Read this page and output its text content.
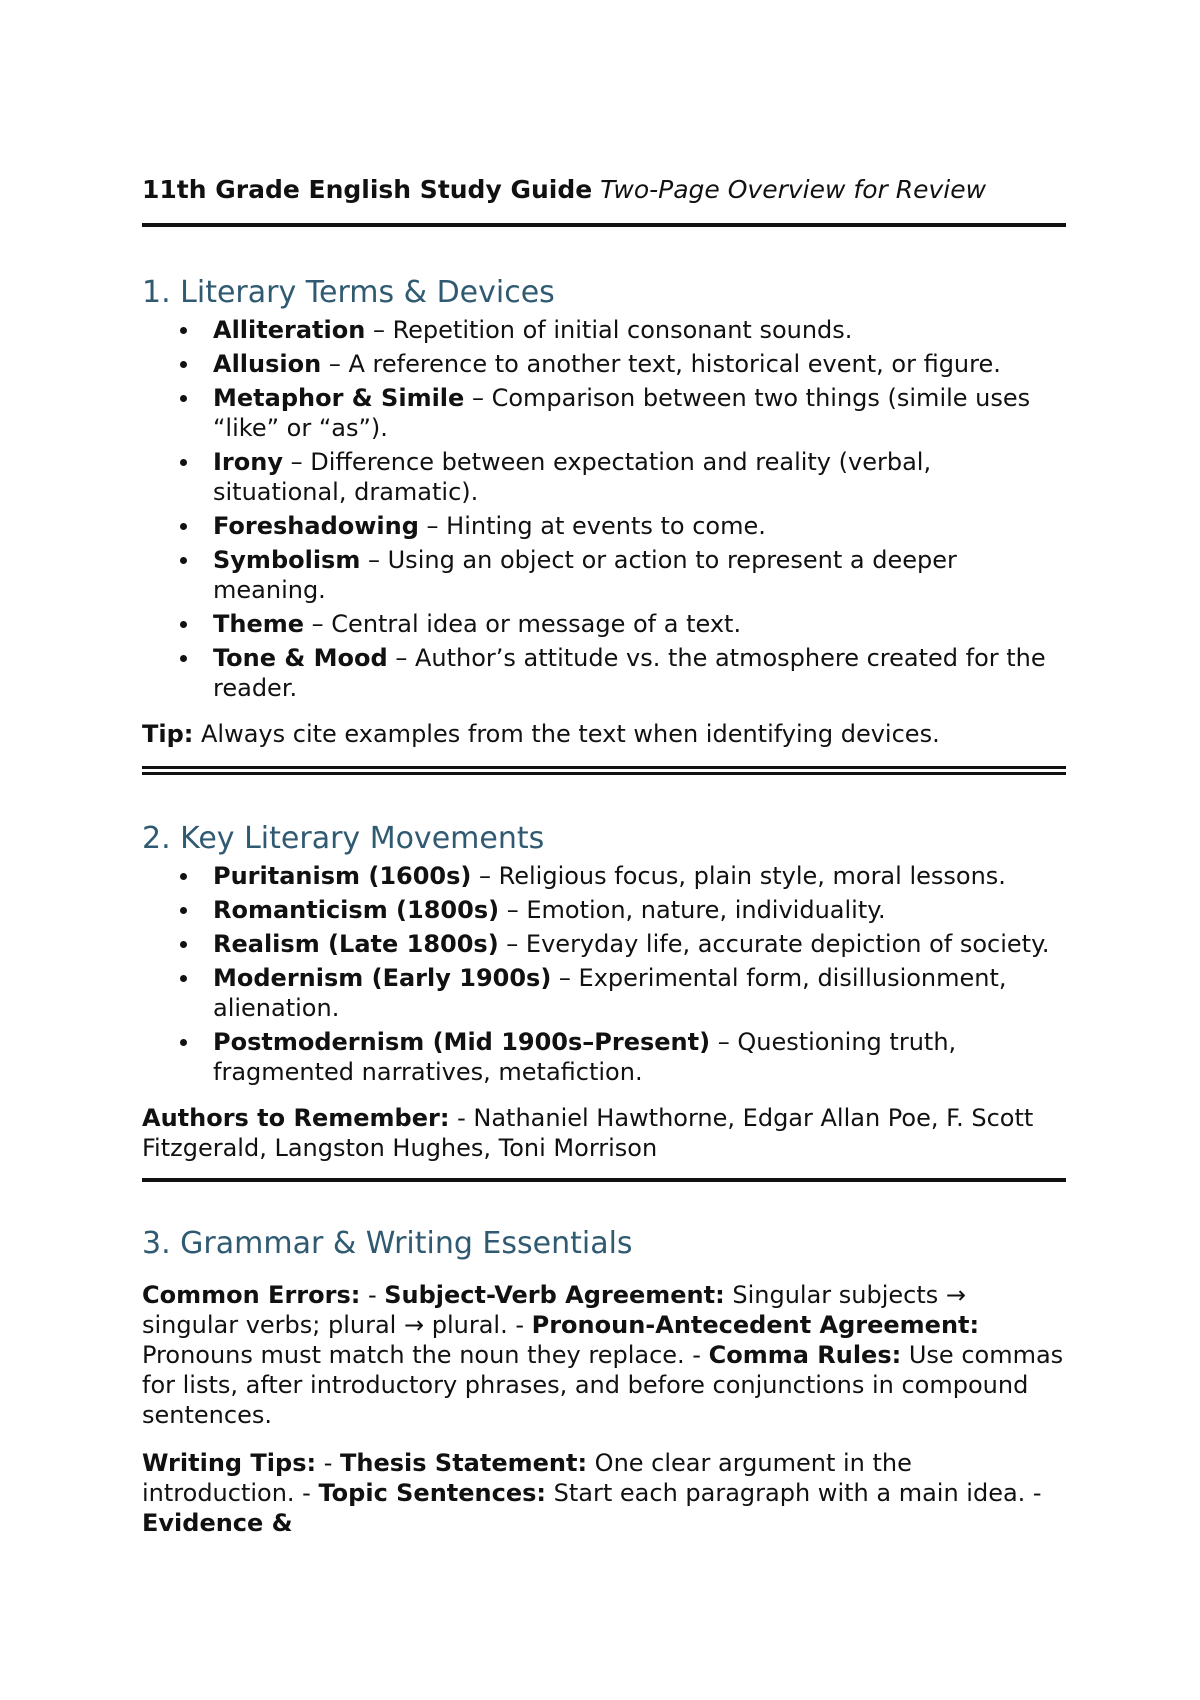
11th Grade English Study Guide Two-Page Overview for Review

1. Literary Terms & Devices
Alliteration – Repetition of initial consonant sounds.
Allusion – A reference to another text, historical event, or figure.
Metaphor & Simile – Comparison between two things (simile uses “like” or “as”).
Irony – Difference between expectation and reality (verbal, situational, dramatic).
Foreshadowing – Hinting at events to come.
Symbolism – Using an object or action to represent a deeper meaning.
Theme – Central idea or message of a text.
Tone & Mood – Author’s attitude vs. the atmosphere created for the reader.

Tip: Always cite examples from the text when identifying devices.

2. Key Literary Movements
Puritanism (1600s) – Religious focus, plain style, moral lessons.
Romanticism (1800s) – Emotion, nature, individuality.
Realism (Late 1800s) – Everyday life, accurate depiction of society.
Modernism (Early 1900s) – Experimental form, disillusionment, alienation.
Postmodernism (Mid 1900s–Present) – Questioning truth, fragmented narratives, metafiction.

Authors to Remember: - Nathaniel Hawthorne, Edgar Allan Poe, F. Scott Fitzgerald, Langston Hughes, Toni Morrison

3. Grammar & Writing Essentials

Common Errors: - Subject-Verb Agreement: Singular subjects → singular verbs; plural → plural. - Pronoun-Antecedent Agreement: Pronouns must match the noun they replace. - Comma Rules: Use commas for lists, after introductory phrases, and before conjunctions in compound sentences.

Writing Tips: - Thesis Statement: One clear argument in the introduction. - Topic Sentences: Start each paragraph with a main idea. - Evidence &
